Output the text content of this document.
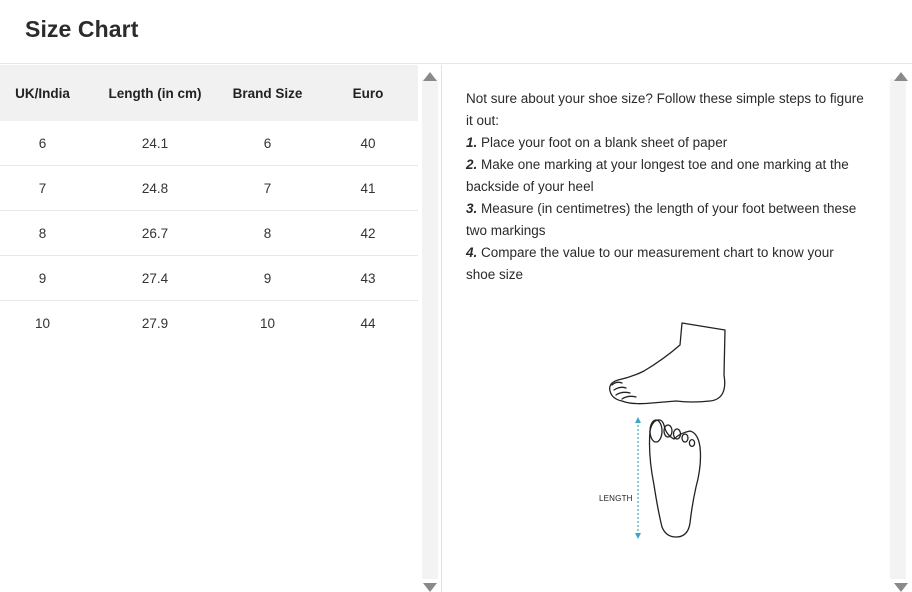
Size Chart
UK/India	Length (in cm)	Brand Size	Euro
6	24.1	6	40
7	24.8	7	41
8	26.7	8	42
9	27.4	9	43
10	27.9	10	44

Not sure about your shoe size? Follow these simple steps to figure it out:

1. Place your foot on a blank sheet of paper

2. Make one marking at your longest toe and one marking at the backside of your heel

3. Measure (in centimetres) the length of your foot between these two markings

4. Compare the value to our measurement chart to know your shoe size

LENGTH
